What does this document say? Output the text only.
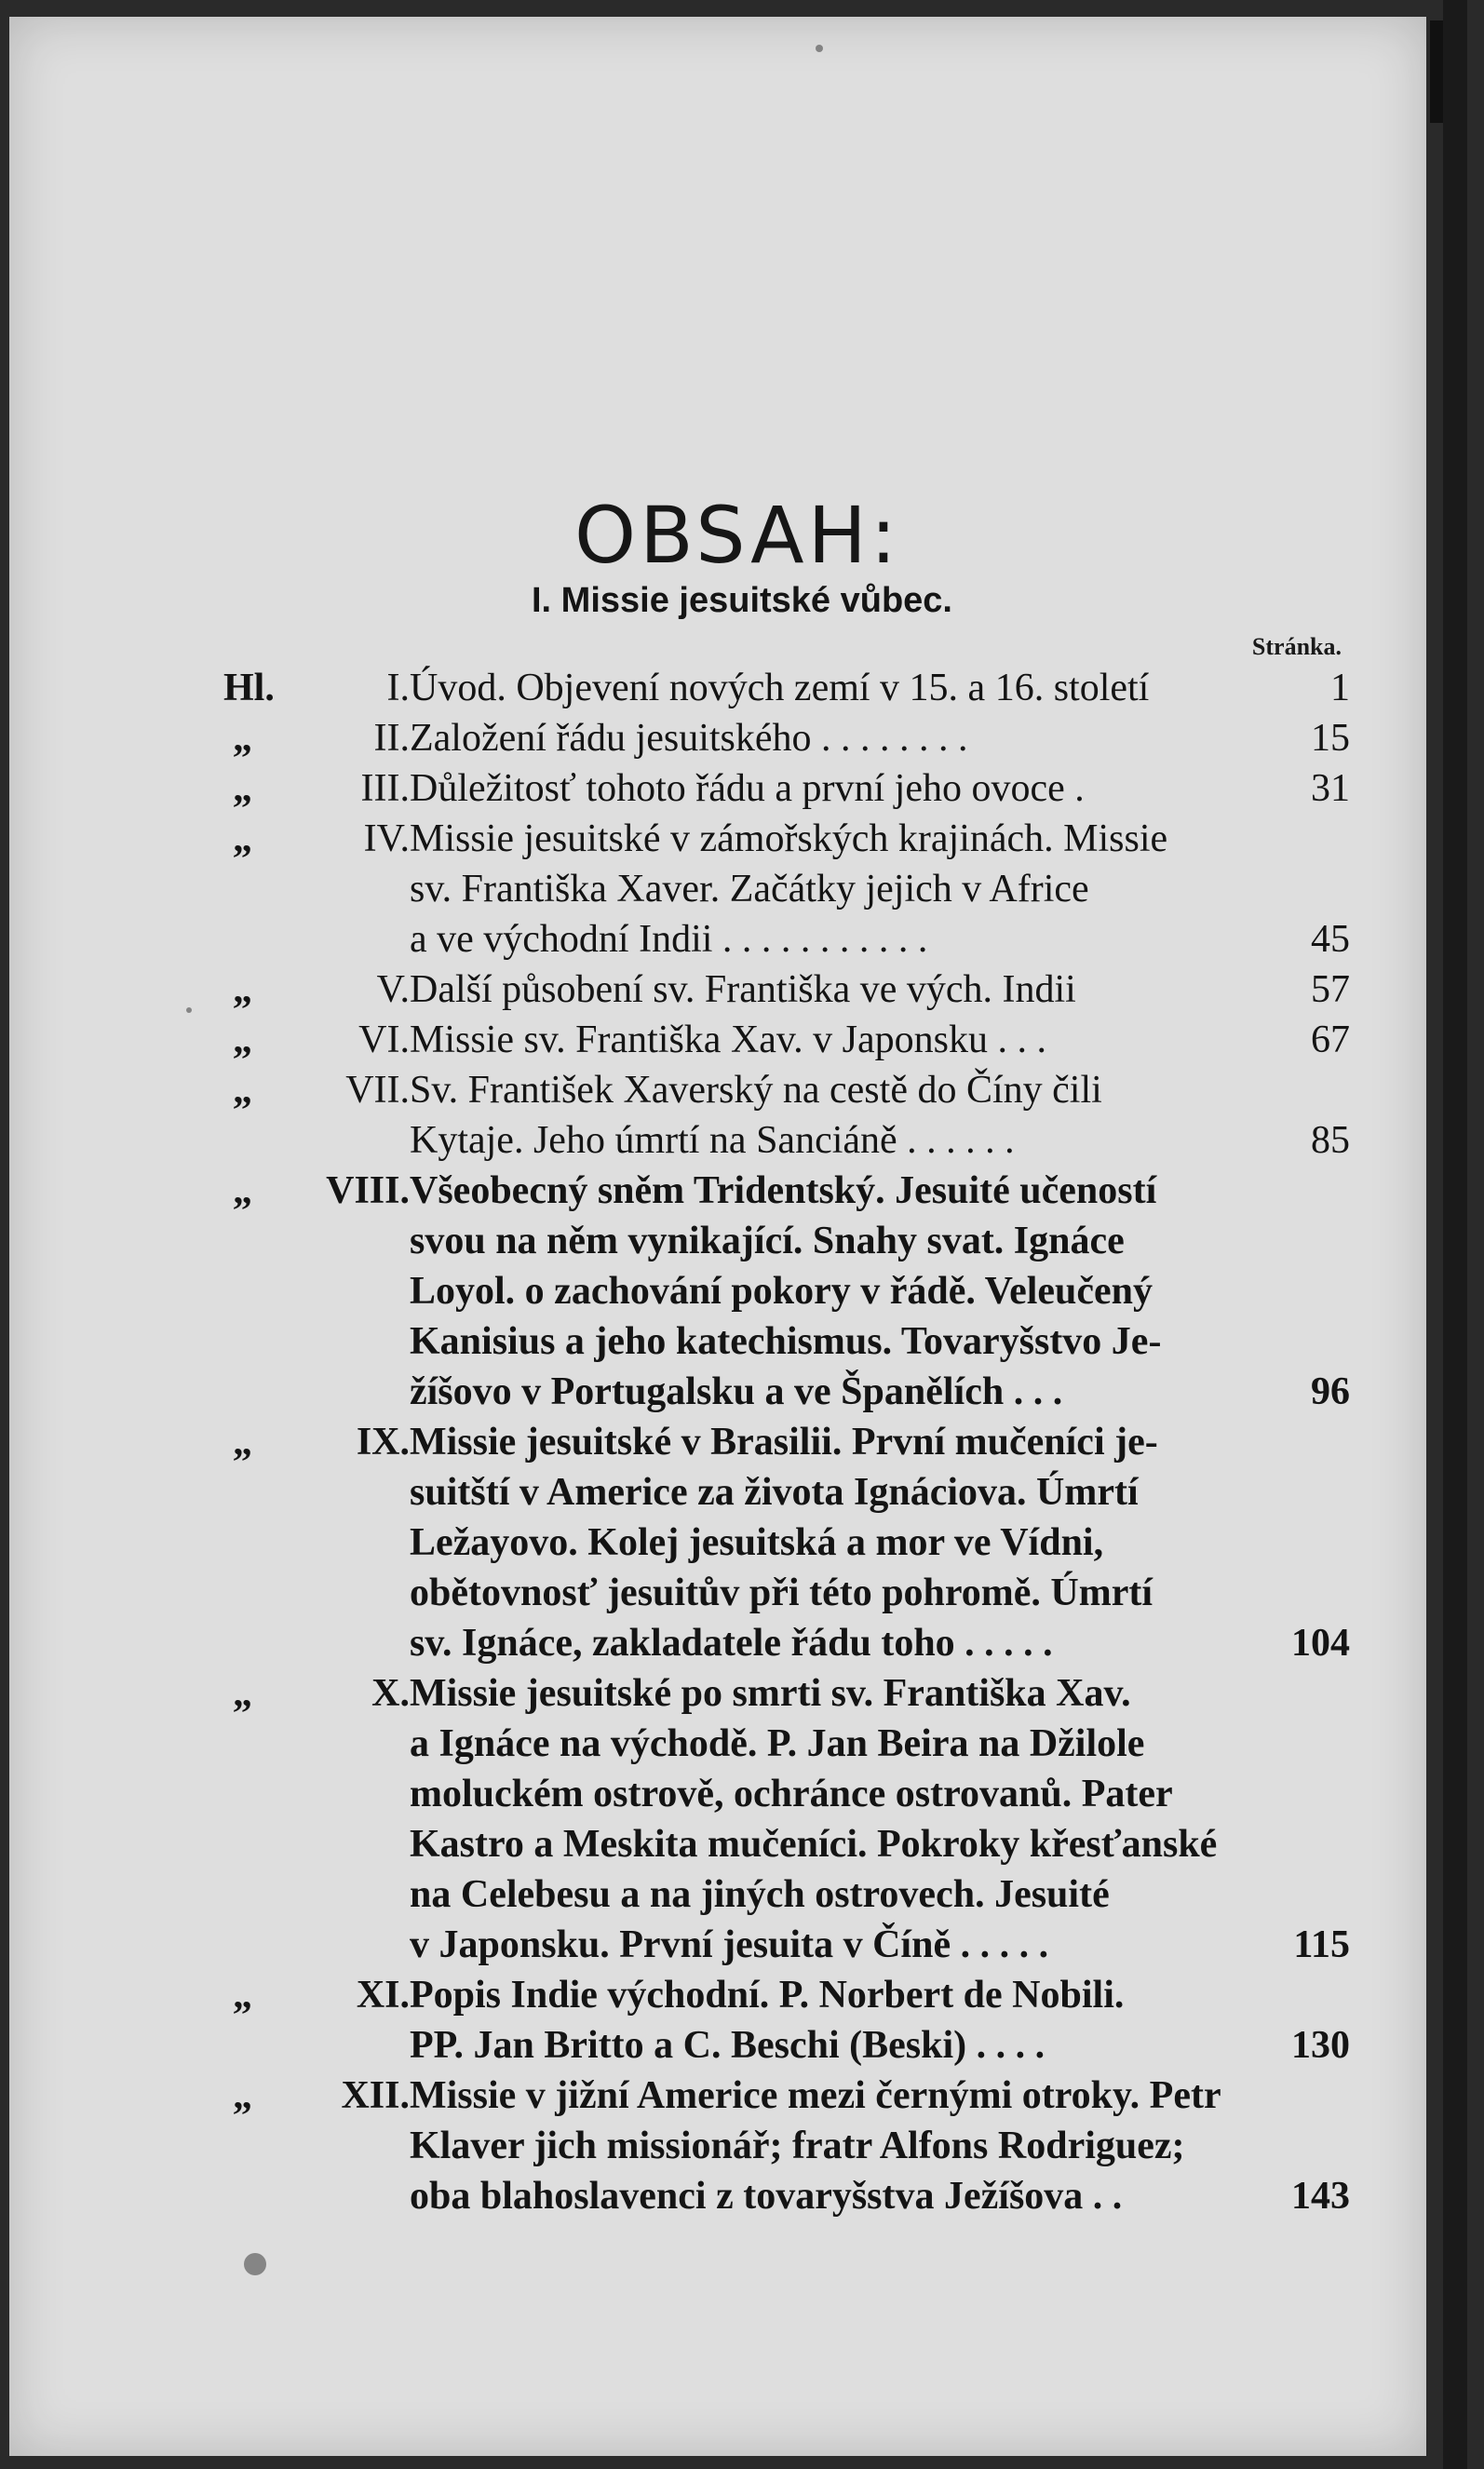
OBSAH:
I. Missie jesuitské vůbec.
Stránka.
Hl.	I. Úvod. Objevení nových zemí v 15. a 16. století	1
„	II. Založení řádu jesuitského . . . . . . . .	15
„	III. Důležitosť tohoto řádu a první jeho ovoce .	31
„	IV. Missie jesuitské v zámořských krajinách. Missie
sv. Františka Xaver. Začátky jejich v Africe
a ve východní Indii . . . . . . . . . . .	45
„	V. Další působení sv. Františka ve vých. Indii	57
„	VI. Missie sv. Františka Xav. v Japonsku . . .	67
„	VII. Sv. František Xaverský na cestě do Číny čili
Kytaje. Jeho úmrtí na Sanciáně . . . . . .	85
„ VIII. Všeobecný sněm Tridentský. Jesuité učeností
svou na něm vynikající. Snahy svat. Ignáce
Loyol. o zachování pokory v řádě. Veleučený
Kanisius a jeho katechismus. Tovaryšstvo Je-
žíšovo v Portugalsku a ve Španělích . . .	96
„	IX. Missie jesuitské v Brasilii. První mučeníci je-
suitští v Americe za života Ignáciova. Úmrtí
Ležayovo. Kolej jesuitská a mor ve Vídni,
obětovnosť jesuitův při této pohromě. Úmrtí
sv. Ignáce, zakladatele řádu toho . . . . .	104
„	X. Missie jesuitské po smrti sv. Františka Xav.
a Ignáce na východě. P. Jan Beira na Džilole
moluckém ostrově, ochránce ostrovanů. Pater
Kastro a Meskita mučeníci. Pokroky křesťanské
na Celebesu a na jiných ostrovech. Jesuité
v Japonsku. První jesuita v Číně . . . . .	115
„	XI. Popis Indie východní. P. Norbert de Nobili.
PP. Jan Britto a C. Beschi (Beski) . . . .	130
„	XII. Missie v jižní Americe mezi černými otroky. Petr
Klaver jich missionář; fratr Alfons Rodriguez;
oba blahoslavenci z tovaryšstva Ježíšova . .	143
